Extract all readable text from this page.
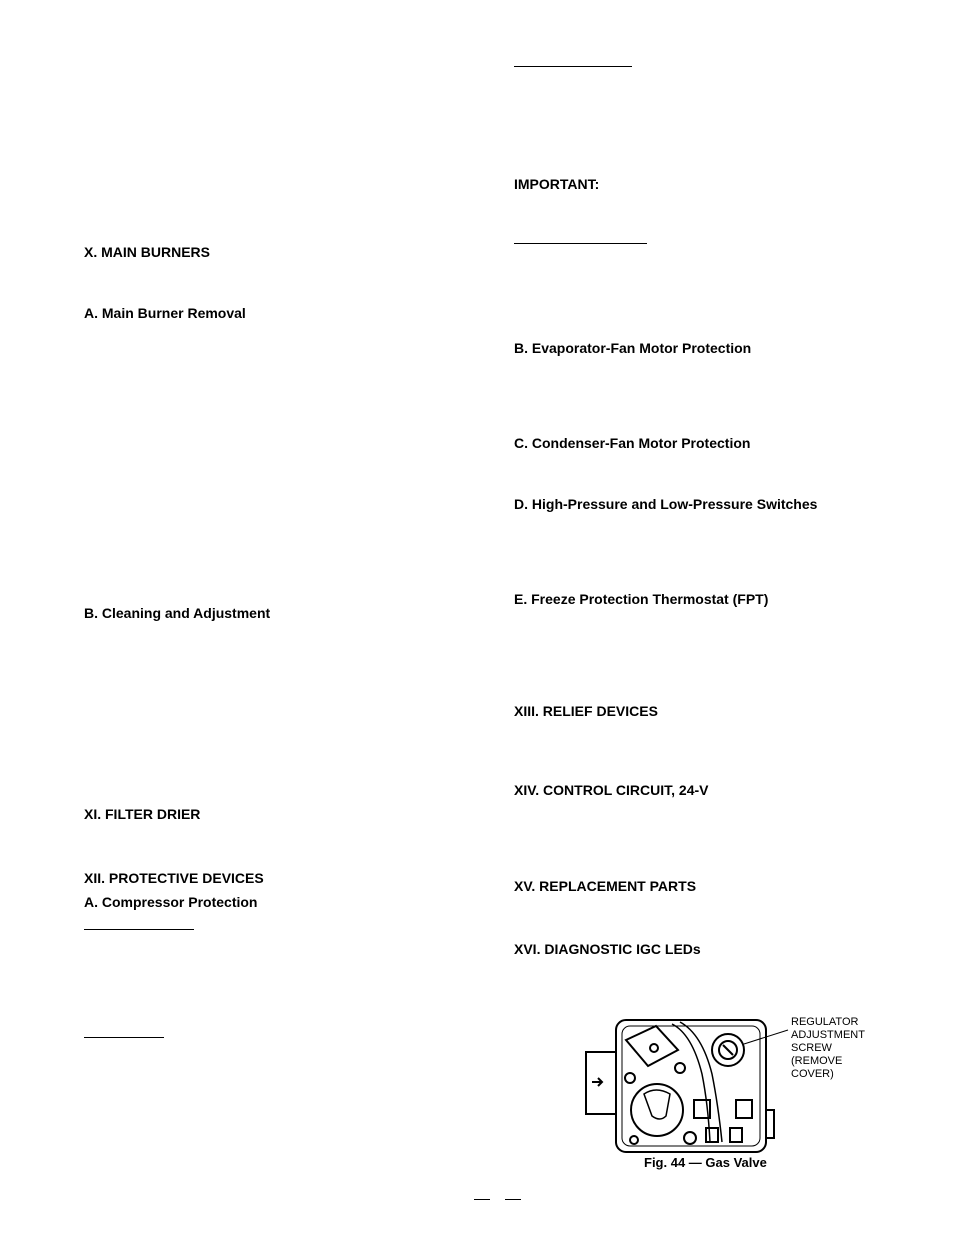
X. MAIN BURNERS
A. Main Burner Removal
B. Cleaning and Adjustment
XI. FILTER DRIER
XII. PROTECTIVE DEVICES
A. Compressor Protection
IMPORTANT:
B. Evaporator-Fan Motor Protection
C. Condenser-Fan Motor Protection
D. High-Pressure and Low-Pressure Switches
E. Freeze Protection Thermostat (FPT)
XIII. RELIEF DEVICES
XIV. CONTROL CIRCUIT, 24-V
XV. REPLACEMENT PARTS
XVI. DIAGNOSTIC IGC LEDs
REGULATOR
ADJUSTMENT
SCREW
(REMOVE
COVER)
Fig. 44 — Gas Valve
